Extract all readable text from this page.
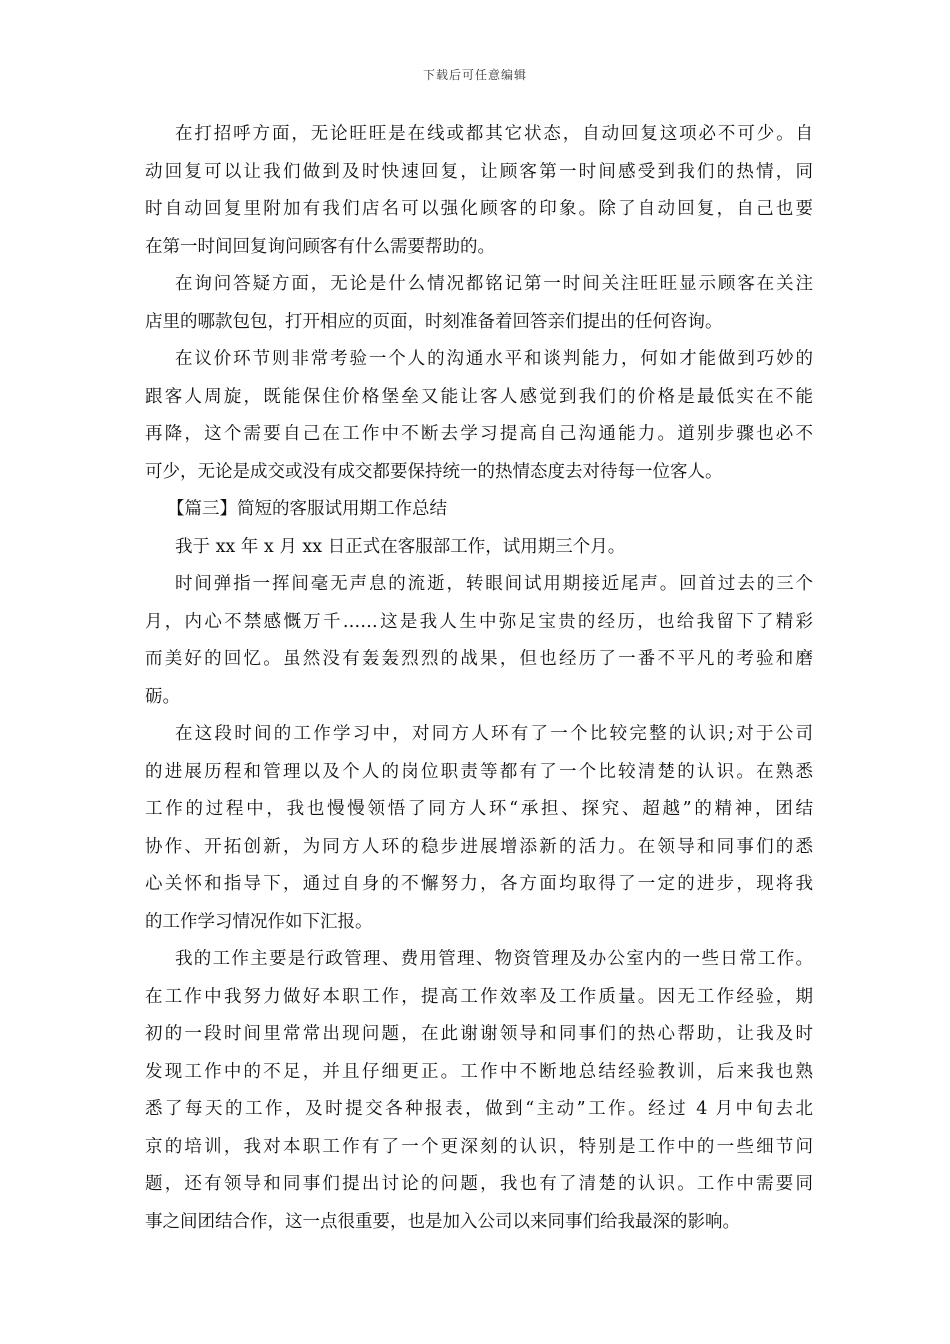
下载后可任意编辑
在打招呼方面，无论旺旺是在线或都其它状态，自动回复这项必不可少。自
动回复可以让我们做到及时快速回复，让顾客第一时间感受到我们的热情，同
时自动回复里附加有我们店名可以强化顾客的印象。除了自动回复，自己也要
在第一时间回复询问顾客有什么需要帮助的。
在询问答疑方面，无论是什么情况都铭记第一时间关注旺旺显示顾客在关注
店里的哪款包包，打开相应的页面，时刻准备着回答亲们提出的任何咨询。
在议价环节则非常考验一个人的沟通水平和谈判能力，何如才能做到巧妙的
跟客人周旋，既能保住价格堡垒又能让客人感觉到我们的价格是最低实在不能
再降，这个需要自己在工作中不断去学习提高自己沟通能力。道别步骤也必不
可少，无论是成交或没有成交都要保持统一的热情态度去对待每一位客人。
【篇三】简短的客服试用期工作总结
我于 xx 年 x 月 xx 日正式在客服部工作，试用期三个月。
时间弹指一挥间毫无声息的流逝，转眼间试用期接近尾声。回首过去的三个
月，内心不禁感慨万千……这是我人生中弥足宝贵的经历，也给我留下了精彩
而美好的回忆。虽然没有轰轰烈烈的战果，但也经历了一番不平凡的考验和磨
砺。
在这段时间的工作学习中，对同方人环有了一个比较完整的认识;对于公司
的进展历程和管理以及个人的岗位职责等都有了一个比较清楚的认识。在熟悉
工作的过程中，我也慢慢领悟了同方人环“承担、探究、超越”的精神，团结
协作、开拓创新，为同方人环的稳步进展增添新的活力。在领导和同事们的悉
心关怀和指导下，通过自身的不懈努力，各方面均取得了一定的进步，现将我
的工作学习情况作如下汇报。
我的工作主要是行政管理、费用管理、物资管理及办公室内的一些日常工作。
在工作中我努力做好本职工作，提高工作效率及工作质量。因无工作经验，期
初的一段时间里常常出现问题，在此谢谢领导和同事们的热心帮助，让我及时
发现工作中的不足，并且仔细更正。工作中不断地总结经验教训，后来我也熟
悉了每天的工作，及时提交各种报表，做到“主动”工作。经过 4 月中旬去北
京的培训，我对本职工作有了一个更深刻的认识，特别是工作中的一些细节问
题，还有领导和同事们提出讨论的问题，我也有了清楚的认识。工作中需要同
事之间团结合作，这一点很重要，也是加入公司以来同事们给我最深的影响。
